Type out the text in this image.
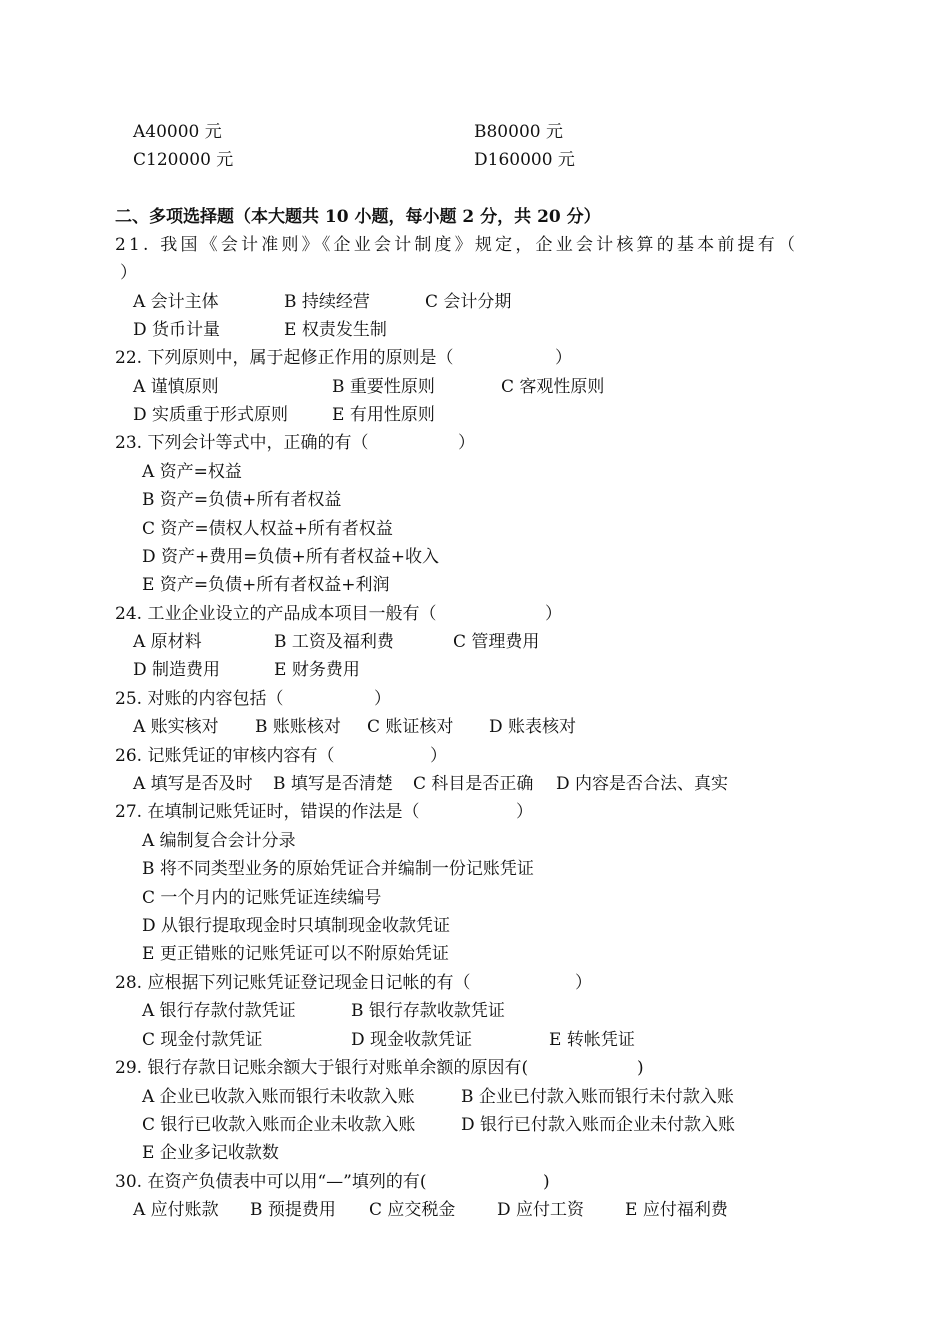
A40000 元	B80000 元
C120000 元	D160000 元
二、多项选择题（本大题共 10 小题，每小题 2 分，共 20 分）
21. 我国《会计准则》《企业会计制度》规定，企业会计核算的基本前提有（
）
A 会计主体	B 持续经营	C 会计分期
D 货币计量	E 权责发生制
22. 下列原则中，属于起修正作用的原则是（	）
A 谨慎原则	B 重要性原则	C 客观性原则
D 实质重于形式原则	E 有用性原则
23. 下列会计等式中，正确的有（	）
A 资产=权益
B 资产=负债+所有者权益
C 资产=债权人权益+所有者权益
D 资产+费用=负债+所有者权益+收入
E 资产=负债+所有者权益+利润
24. 工业企业设立的产品成本项目一般有（	）
A 原材料	B 工资及福利费	C 管理费用
D 制造费用	E 财务费用
25. 对账的内容包括（	）
A 账实核对 B 账账核对 C 账证核对 D 账表核对
26. 记账凭证的审核内容有（	）
A 填写是否及时 B 填写是否清楚 C 科目是否正确 D 内容是否合法、真实
27. 在填制记账凭证时，错误的作法是（	）
A 编制复合会计分录
B 将不同类型业务的原始凭证合并编制一份记账凭证
C 一个月内的记账凭证连续编号
D 从银行提取现金时只填制现金收款凭证
E 更正错账的记账凭证可以不附原始凭证
28. 应根据下列记账凭证登记现金日记帐的有（	）
A 银行存款付款凭证	B 银行存款收款凭证
C 现金付款凭证	D 现金收款凭证	E 转帐凭证
29. 银行存款日记账余额大于银行对账单余额的原因有(	)
A 企业已收款入账而银行未收款入账	B 企业已付款入账而银行未付款入账
C 银行已收款入账而企业未收款入账	D 银行已付款入账而企业未付款入账
E 企业多记收款数
30. 在资产负债表中可以用“—”填列的有(	)
A 应付账款 B 预提费用 C 应交税金 D 应付工资 E 应付福利费
